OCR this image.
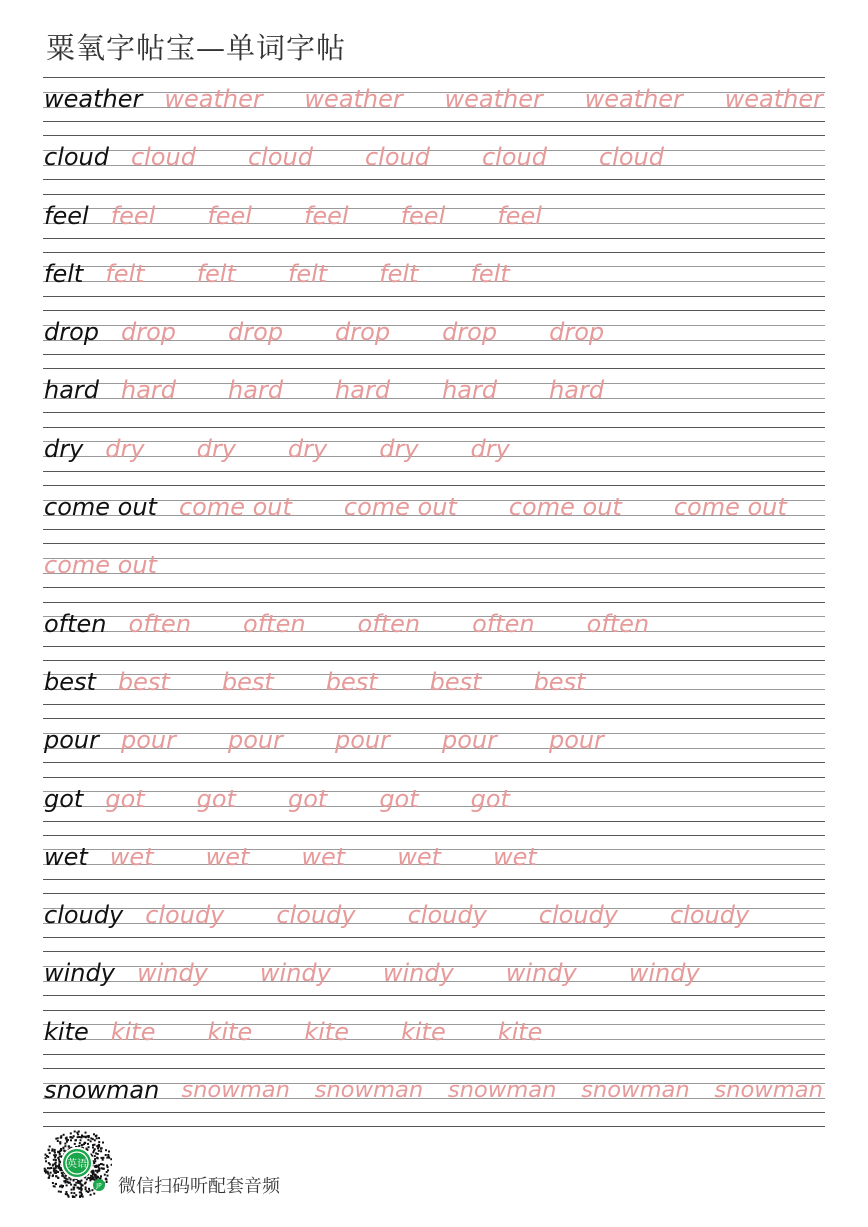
粟氧字帖宝—单词字帖
weather weather weather weather weather weather
cloud cloud cloud cloud cloud cloud
feel feel feel feel feel feel
felt felt felt felt felt felt
drop drop drop drop drop drop
hard hard hard hard hard hard
dry dry dry dry dry dry
come out come out come out come out come out
come out
often often often often often often
best best best best best best
pour pour pour pour pour pour
got got got got got got
wet wet wet wet wet wet
cloudy cloudy cloudy cloudy cloudy cloudy
windy windy windy windy windy windy
kite kite kite kite kite kite
snowman snowman snowman snowman snowman snowman
英语
JP 微信扫码听配套音频
